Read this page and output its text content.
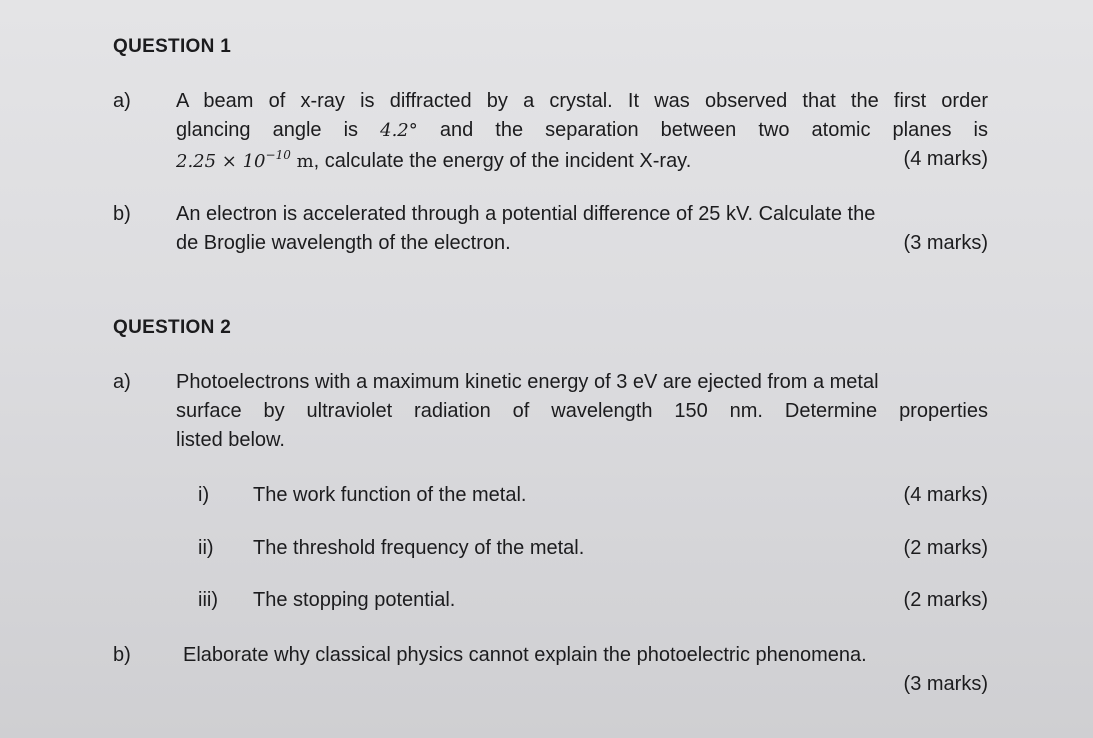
QUESTION 1
a) A beam of x-ray is diffracted by a crystal. It was observed that the first order
glancing angle is 4.2° and the separation between two atomic planes is
$2.25 \times 10^{-10}$ m, calculate the energy of the incident X-ray.	(4 marks)
b) An electron is accelerated through a potential difference of 25 kV. Calculate the
de Broglie wavelength of the electron.	(3 marks)
QUESTION 2
a) Photoelectrons with a maximum kinetic energy of 3 eV are ejected from a metal
surface by ultraviolet radiation of wavelength 150 nm. Determine properties
listed below.
i) The work function of the metal.	(4 marks)
ii) The threshold frequency of the metal.	(2 marks)
iii) The stopping potential.	(2 marks)
b)	Elaborate why classical physics cannot explain the photoelectric phenomena.
(3 marks)
